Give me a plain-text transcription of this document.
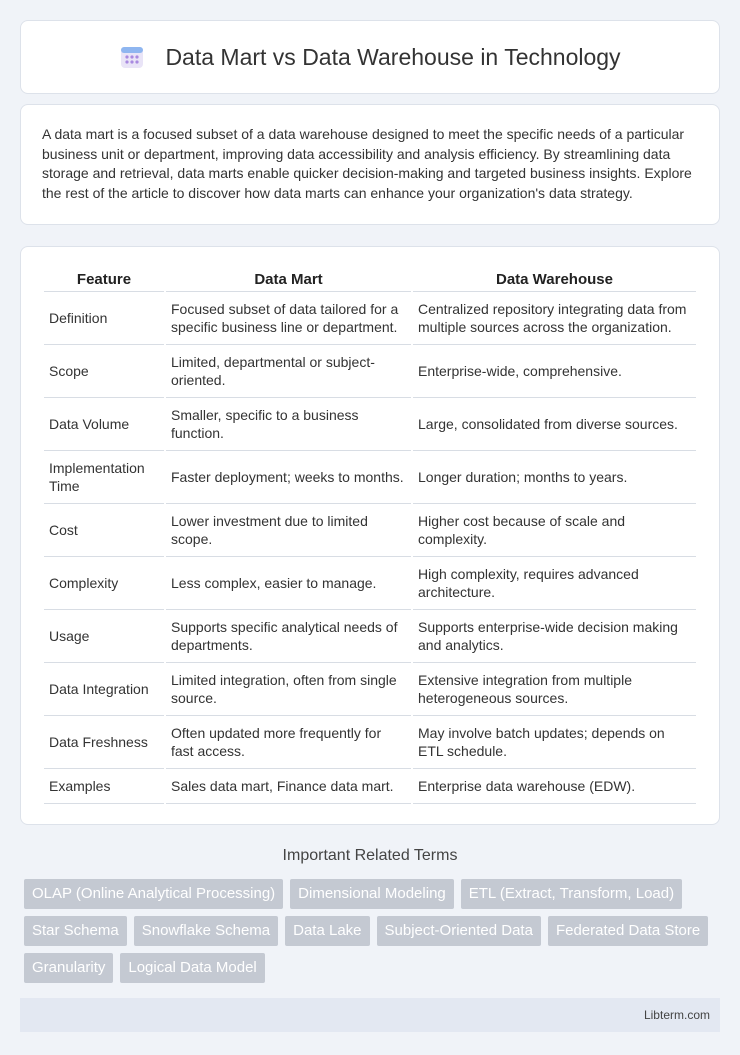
Data Mart vs Data Warehouse in Technology

A data mart is a focused subset of a data warehouse designed to meet the specific needs of a particular business unit or department, improving data accessibility and analysis efficiency. By streamlining data storage and retrieval, data marts enable quicker decision-making and targeted business insights. Explore the rest of the article to discover how data marts can enhance your organization's data strategy.

Feature	Data Mart	Data Warehouse
Definition	Focused subset of data tailored for a specific business line or department.	Centralized repository integrating data from multiple sources across the organization.
Scope	Limited, departmental or subject-oriented.	Enterprise-wide, comprehensive.
Data Volume	Smaller, specific to a business function.	Large, consolidated from diverse sources.
Implementation Time	Faster deployment; weeks to months.	Longer duration; months to years.
Cost	Lower investment due to limited scope.	Higher cost because of scale and complexity.
Complexity	Less complex, easier to manage.	High complexity, requires advanced architecture.
Usage	Supports specific analytical needs of departments.	Supports enterprise-wide decision making and analytics.
Data Integration	Limited integration, often from single source.	Extensive integration from multiple heterogeneous sources.
Data Freshness	Often updated more frequently for fast access.	May involve batch updates; depends on ETL schedule.
Examples	Sales data mart, Finance data mart.	Enterprise data warehouse (EDW).
Important Related Terms
OLAP (Online Analytical Processing)	Dimensional Modeling	ETL (Extract, Transform, Load)
Star Schema	Snowflake Schema	Data Lake	Subject-Oriented Data	Federated Data Store
Granularity	Logical Data Model
Libterm.com
